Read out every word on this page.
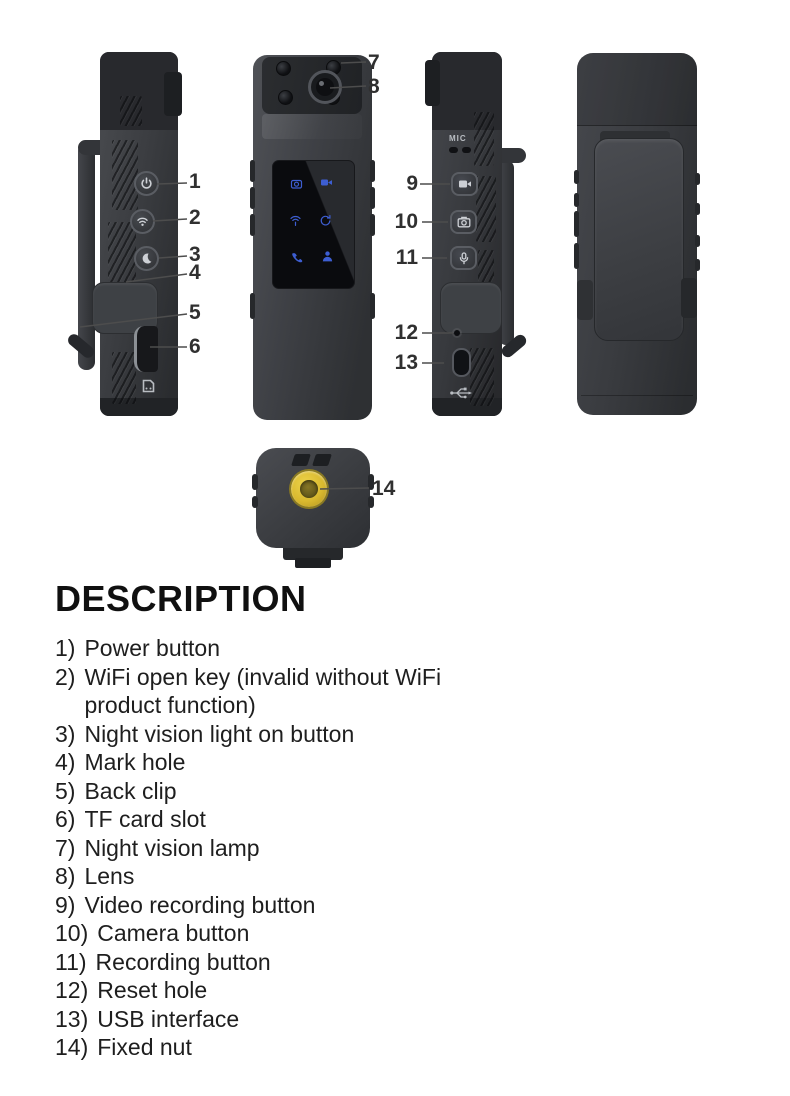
MIC
1
2
3
4
5
6
7
8
9
10
11
12
13
14
DESCRIPTION
1) Power button
2) WiFi open key (invalid without WiFi product function)
3) Night vision light on button
4) Mark hole
5) Back clip
6) TF card slot
7) Night vision lamp
8) Lens
9) Video recording button
10) Camera button
11) Recording button
12) Reset hole
13) USB interface
14) Fixed nut
